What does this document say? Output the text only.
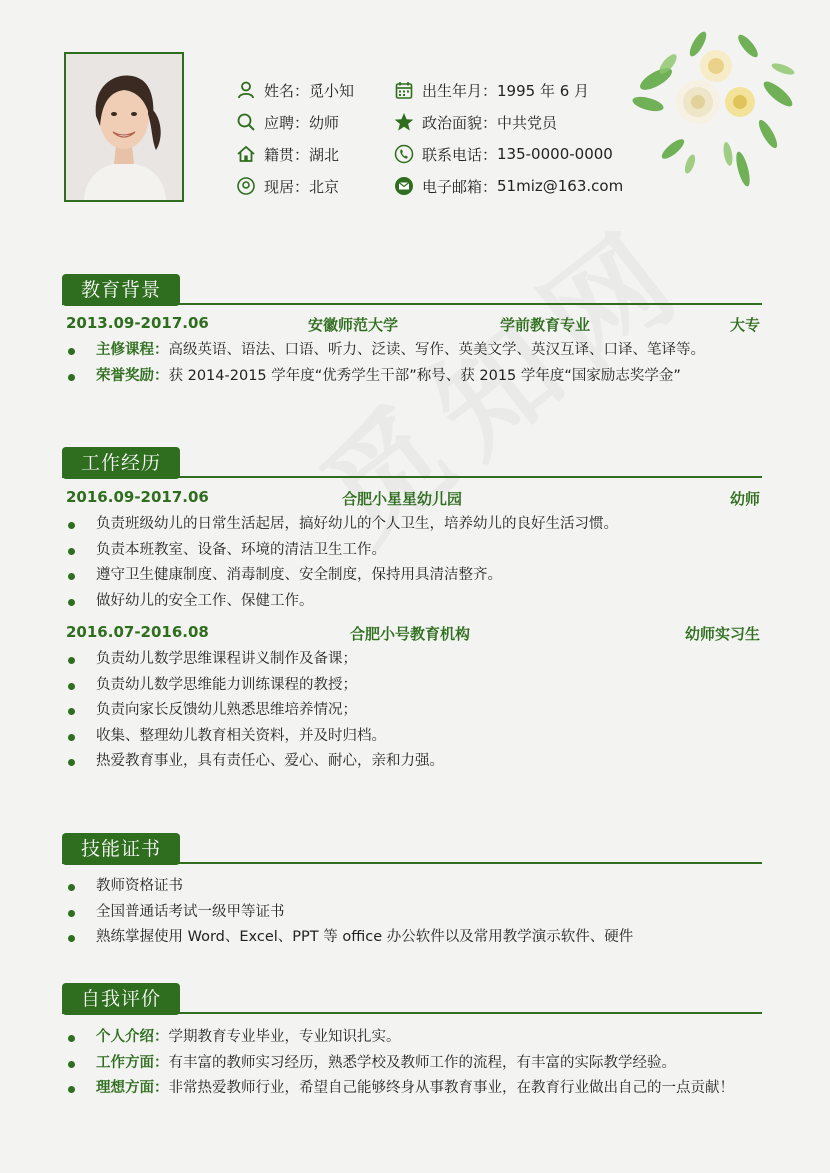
姓名： 觅小知
应聘： 幼师
籍贯： 湖北
现居： 北京
出生年月： 1995 年 6 月
政治面貌： 中共党员
联系电话： 135-0000-0000
电子邮箱： 51miz@163.com
教育背景
2013.09-2017.06	安徽师范大学	学前教育专业	大专
主修课程：高级英语、语法、口语、听力、泛读、写作、英美文学、英汉互译、口译、笔译等。
荣誉奖励：获 2014-2015 学年度“优秀学生干部”称号、获 2015 学年度“国家励志奖学金”
工作经历
2016.09-2017.06	合肥小星星幼儿园	幼师
负责班级幼儿的日常生活起居，搞好幼儿的个人卫生，培养幼儿的良好生活习惯。
负责本班教室、设备、环境的清洁卫生工作。
遵守卫生健康制度、消毒制度、安全制度，保持用具清洁整齐。
做好幼儿的安全工作、保健工作。
2016.07-2016.08	合肥小号教育机构	幼师实习生
负责幼儿数学思维课程讲义制作及备课；
负责幼儿数学思维能力训练课程的教授；
负责向家长反馈幼儿熟悉思维培养情况；
收集、整理幼儿教育相关资料，并及时归档。
热爱教育事业，具有责任心、爱心、耐心，亲和力强。
技能证书
教师资格证书
全国普通话考试一级甲等证书
熟练掌握使用 Word、Excel、PPT 等 office 办公软件以及常用教学演示软件、硬件
自我评价
个人介绍：学期教育专业毕业，专业知识扎实。
工作方面：有丰富的教师实习经历，熟悉学校及教师工作的流程，有丰富的实际教学经验。
理想方面：非常热爱教师行业，希望自己能够终身从事教育事业，在教育行业做出自己的一点贡献！
